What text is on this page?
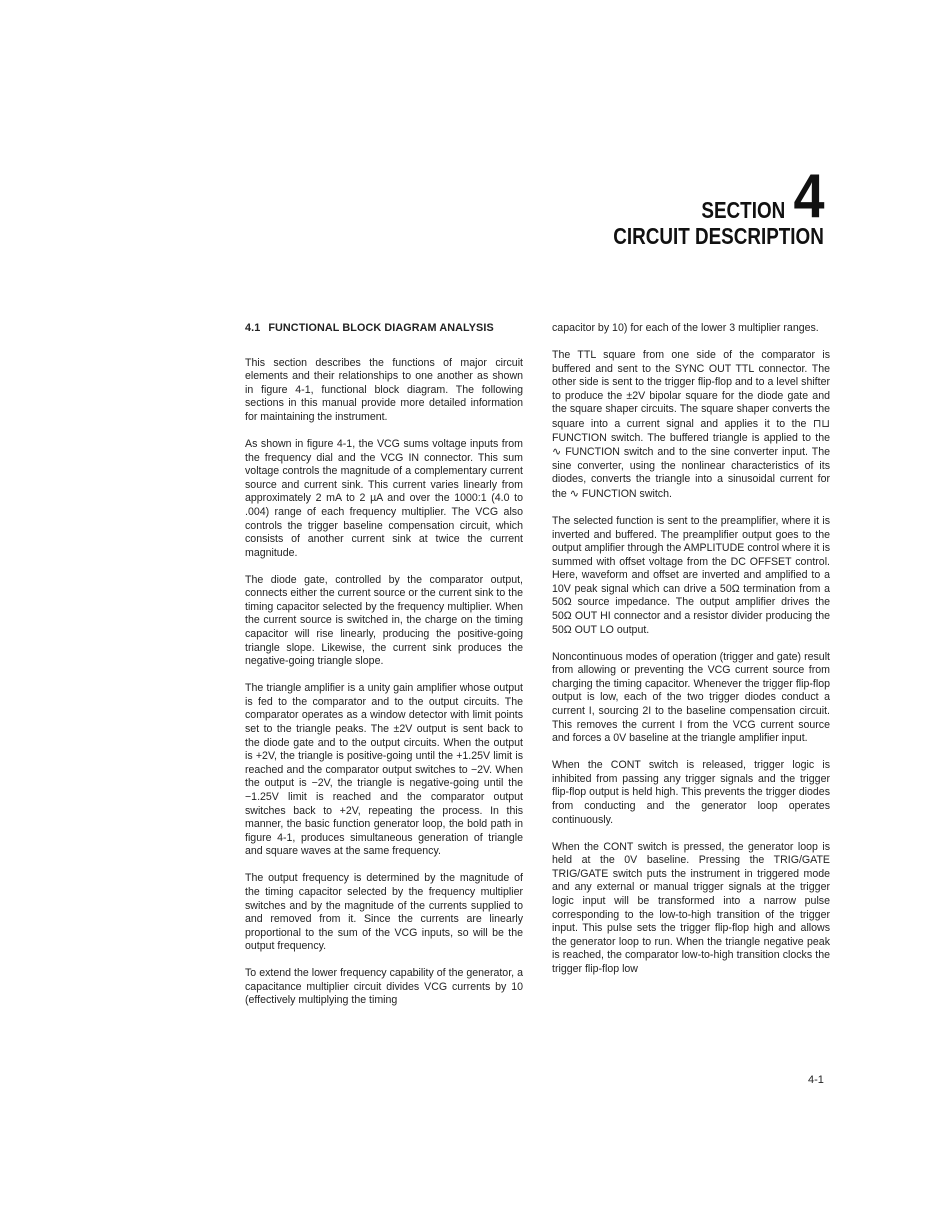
SECTION 4
CIRCUIT DESCRIPTION
4.1 FUNCTIONAL BLOCK DIAGRAM ANALYSIS

This section describes the functions of major circuit elements and their relationships to one another as shown in figure 4-1, functional block diagram. The following sections in this manual provide more detailed information for maintaining the instrument.

As shown in figure 4-1, the VCG sums voltage inputs from the frequency dial and the VCG IN connector. This sum voltage controls the magnitude of a complementary current source and current sink. This current varies linearly from approximately 2 mA to 2 µA and over the 1000:1 (4.0 to .004) range of each frequency multiplier. The VCG also controls the trigger baseline compensation circuit, which consists of another current sink at twice the current magnitude.

The diode gate, controlled by the comparator output, connects either the current source or the current sink to the timing capacitor selected by the frequency multiplier. When the current source is switched in, the charge on the timing capacitor will rise linearly, producing the positive-going triangle slope. Likewise, the current sink produces the negative-going triangle slope.

The triangle amplifier is a unity gain amplifier whose output is fed to the comparator and to the output circuits. The comparator operates as a window detector with limit points set to the triangle peaks. The ±2V output is sent back to the diode gate and to the output circuits. When the output is +2V, the triangle is positive-going until the +1.25V limit is reached and the comparator output switches to −2V. When the output is −2V, the triangle is negative-going until the −1.25V limit is reached and the comparator output switches back to +2V, repeating the process. In this manner, the basic function generator loop, the bold path in figure 4-1, produces simultaneous generation of triangle and square waves at the same frequency.

The output frequency is determined by the magnitude of the timing capacitor selected by the frequency multiplier switches and by the magnitude of the currents supplied to and removed from it. Since the currents are linearly proportional to the sum of the VCG inputs, so will be the output frequency.

To extend the lower frequency capability of the generator, a capacitance multiplier circuit divides VCG currents by 10 (effectively multiplying the timing

capacitor by 10) for each of the lower 3 multiplier ranges.

The TTL square from one side of the comparator is buffered and sent to the SYNC OUT TTL connector. The other side is sent to the trigger flip-flop and to a level shifter to produce the ±2V bipolar square for the diode gate and the square shaper circuits. The square shaper converts the square into a current signal and applies it to the ⊓⊔ FUNCTION switch. The buffered triangle is applied to the ∿ FUNCTION switch and to the sine converter input. The sine converter, using the nonlinear characteristics of its diodes, converts the triangle into a sinusoidal current for the ∿ FUNCTION switch.

The selected function is sent to the preamplifier, where it is inverted and buffered. The preamplifier output goes to the output amplifier through the AMPLITUDE control where it is summed with offset voltage from the DC OFFSET control. Here, waveform and offset are inverted and amplified to a 10V peak signal which can drive a 50Ω termination from a 50Ω source impedance. The output amplifier drives the 50Ω OUT HI connector and a resistor divider producing the 50Ω OUT LO output.

Noncontinuous modes of operation (trigger and gate) result from allowing or preventing the VCG current source from charging the timing capacitor. Whenever the trigger flip-flop output is low, each of the two trigger diodes conduct a current I, sourcing 2I to the baseline compensation circuit. This removes the current I from the VCG current source and forces a 0V baseline at the triangle amplifier input.

When the CONT switch is released, trigger logic is inhibited from passing any trigger signals and the trigger flip-flop output is held high. This prevents the trigger diodes from conducting and the generator loop operates continuously.

When the CONT switch is pressed, the generator loop is held at the 0V baseline. Pressing the TRIG/GATE TRIG/GATE switch puts the instrument in triggered mode and any external or manual trigger signals at the trigger logic input will be transformed into a narrow pulse corresponding to the low-to-high transition of the trigger input. This pulse sets the trigger flip-flop high and allows the generator loop to run. When the triangle negative peak is reached, the comparator low-to-high transition clocks the trigger flip-flop low

4-1
